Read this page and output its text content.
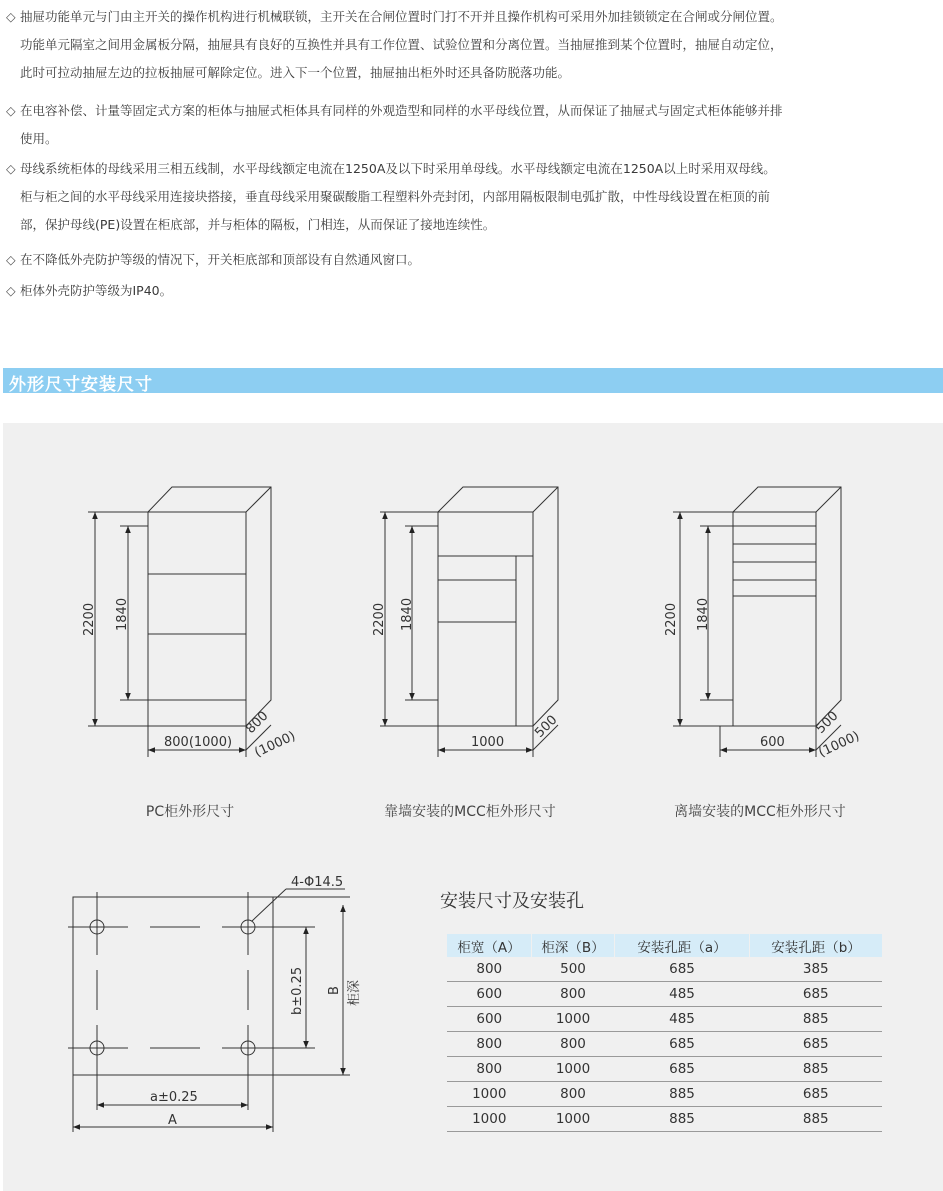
◇ 抽屉功能单元与门由主开关的操作机构进行机械联锁，主开关在合闸位置时门打不开并且操作机构可采用外加挂锁锁定在合闸或分闸位置。
功能单元隔室之间用金属板分隔，抽屉具有良好的互换性并具有工作位置、试验位置和分离位置。当抽屉推到某个位置时，抽屉自动定位，
此时可拉动抽屉左边的拉板抽屉可解除定位。进入下一个位置，抽屉抽出柜外时还具备防脱落功能。
◇ 在电容补偿、计量等固定式方案的柜体与抽屉式柜体具有同样的外观造型和同样的水平母线位置，从而保证了抽屉式与固定式柜体能够并排
使用。
◇ 母线系统柜体的母线采用三相五线制，水平母线额定电流在1250A及以下时采用单母线。水平母线额定电流在1250A以上时采用双母线。
柜与柜之间的水平母线采用连接块搭接，垂直母线采用聚碳酸脂工程塑料外壳封闭，内部用隔板限制电弧扩散，中性母线设置在柜顶的前
部，保护母线(PE)设置在柜底部，并与柜体的隔板，门相连，从而保证了接地连续性。
◇ 在不降低外壳防护等级的情况下，开关柜底部和顶部设有自然通风窗口。
◇ 柜体外壳防护等级为IP40。
外形尺寸安装尺寸
2200 1840
800(1000)
800
(1000)
2200 1840
1000
500
2200 1840
600
500
(1000)
4-Φ14.5
b±0.25 B 柜深
a±0.25
A
PC柜外形尺寸	靠墙安装的MCC柜外形尺寸	离墙安装的MCC柜外形尺寸
安装尺寸及安装孔
柜宽（A）	柜深（B）	安装孔距（a）	安装孔距（b）
800	500	685	385
600	800	485	685
600	1000	485	885
800	800	685	685
800	1000	685	885
1000	800	885	685
1000	1000	885	885
